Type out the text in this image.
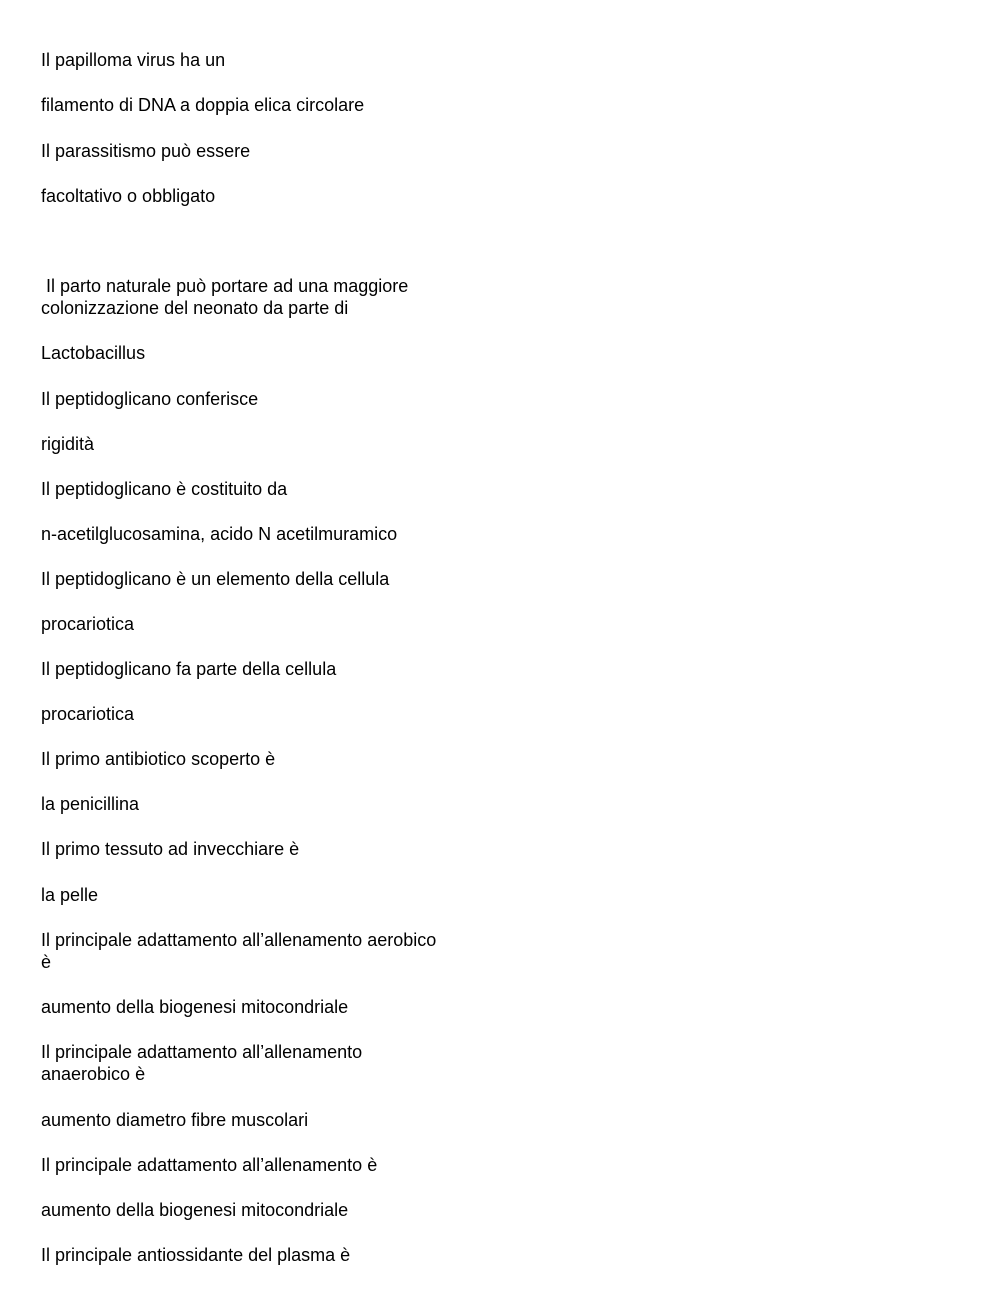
Il papilloma virus ha un

filamento di DNA a doppia elica circolare

Il parassitismo può essere

facoltativo o obbligato

Il parto naturale può portare ad una maggiore
colonizzazione del neonato da parte di

Lactobacillus

Il peptidoglicano conferisce

rigidità

Il peptidoglicano è costituito da

n-acetilglucosamina, acido N acetilmuramico

Il peptidoglicano è un elemento della cellula

procariotica

Il peptidoglicano fa parte della cellula

procariotica

Il primo antibiotico scoperto è

la penicillina

Il primo tessuto ad invecchiare è

la pelle

Il principale adattamento all’allenamento aerobico
è

aumento della biogenesi mitocondriale

Il principale adattamento all’allenamento
anaerobico è

aumento diametro fibre muscolari

Il principale adattamento all’allenamento è

aumento della biogenesi mitocondriale

Il principale antiossidante del plasma è
